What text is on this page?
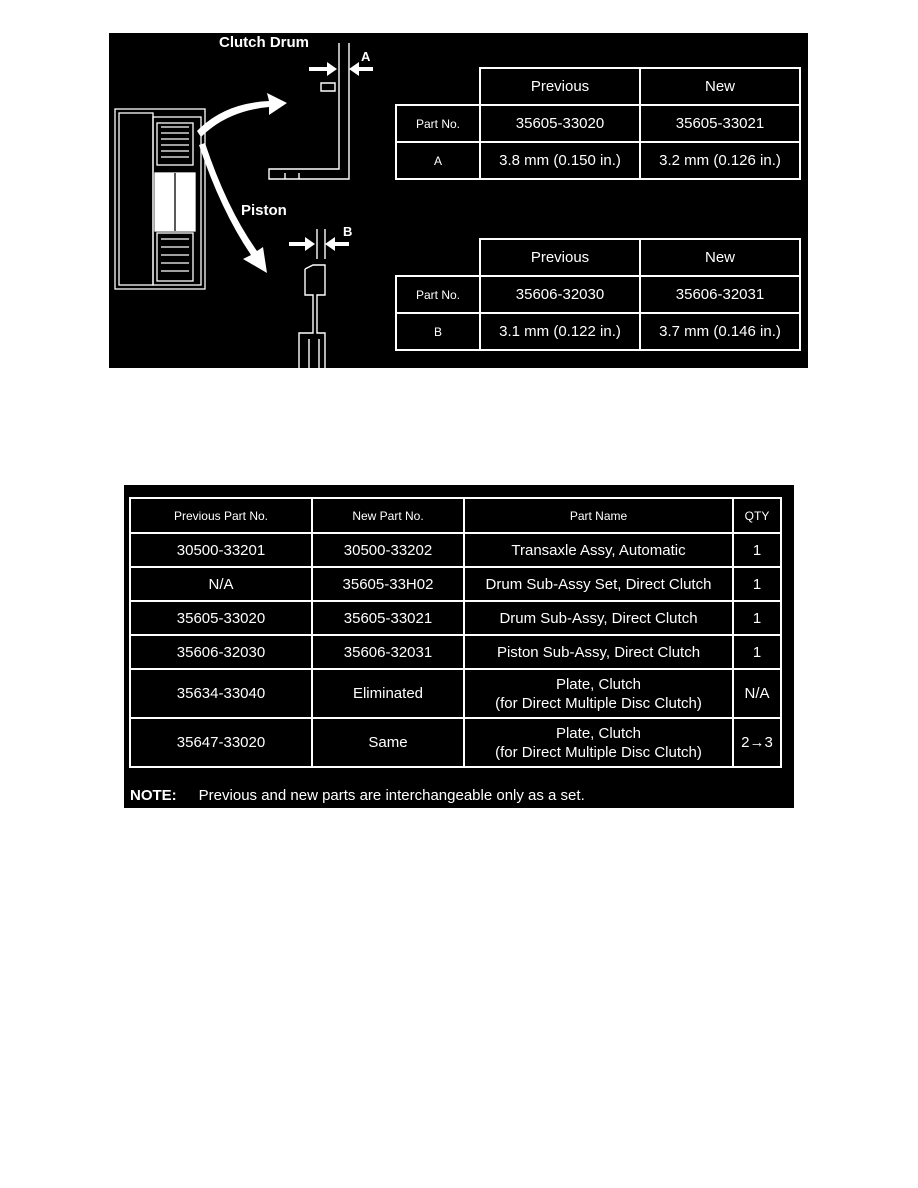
Clutch Drum
Piston
A
B
	Previous	New
Part No.	35605-33020	35605-33021
A	3.8 mm (0.150 in.)	3.2 mm (0.126 in.)
	Previous	New
Part No.	35606-32030	35606-32031
B	3.1 mm (0.122 in.)	3.7 mm (0.146 in.)
Previous Part No.	New Part No.	Part Name	QTY
30500-33201	30500-33202	Transaxle Assy, Automatic	1
N/A	35605-33H02	Drum Sub-Assy Set, Direct Clutch	1
35605-33020	35605-33021	Drum Sub-Assy, Direct Clutch	1
35606-32030	35606-32031	Piston Sub-Assy, Direct Clutch	1
35634-33040	Eliminated	Plate, Clutch
(for Direct Multiple Disc Clutch)	N/A
35647-33020	Same	Plate, Clutch
(for Direct Multiple Disc Clutch)	2→3
NOTE: Previous and new parts are interchangeable only as a set.
